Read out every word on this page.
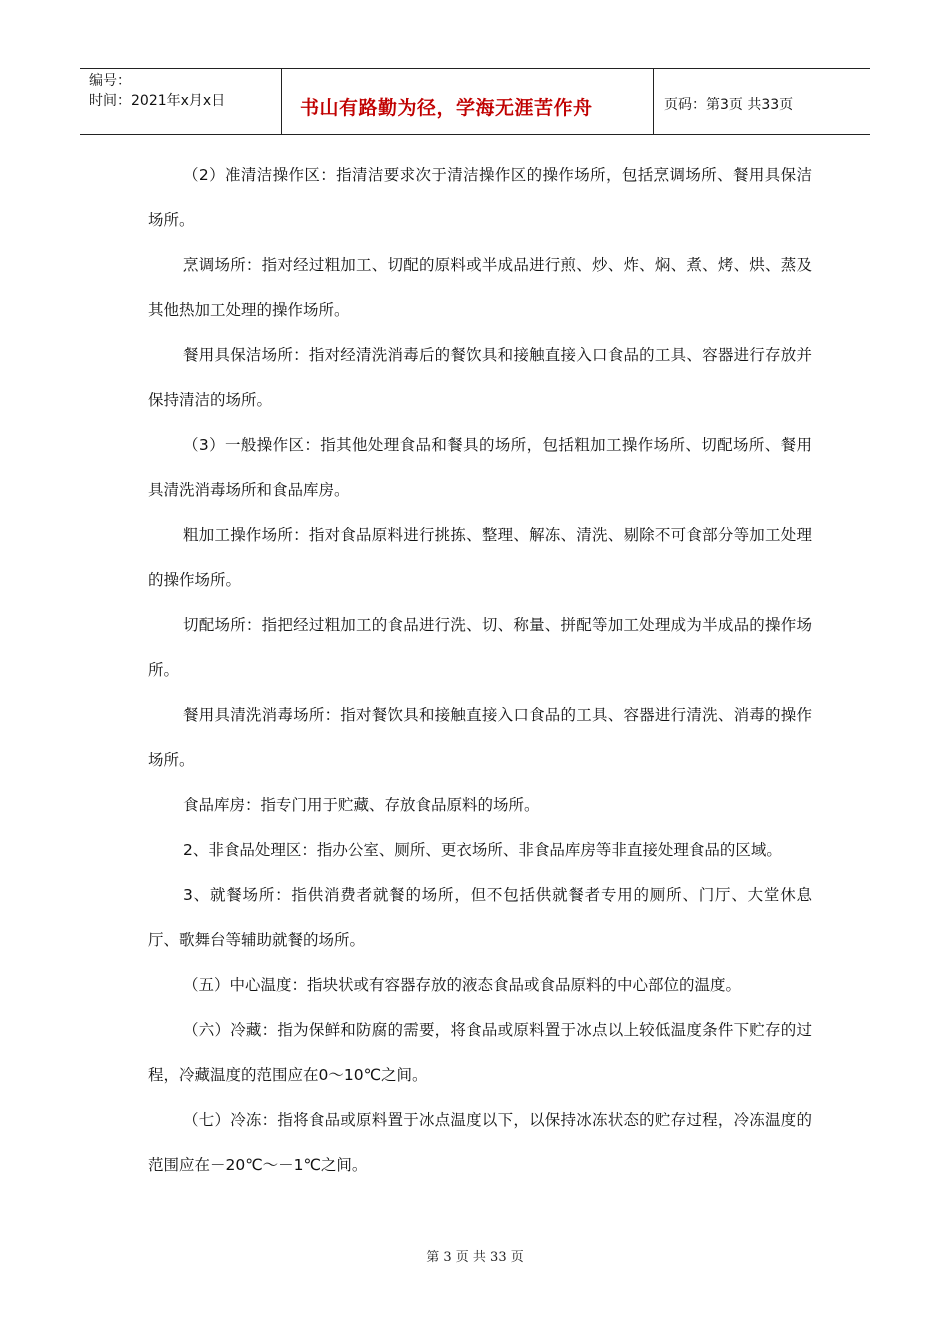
编号：
时间：2021年x月x日	书山有路勤为径，学海无涯苦作舟	页码：第3页 共33页

（2）准清洁操作区：指清洁要求次于清洁操作区的操作场所，包括烹调场所、餐用具保洁场所。

烹调场所：指对经过粗加工、切配的原料或半成品进行煎、炒、炸、焖、煮、烤、烘、蒸及其他热加工处理的操作场所。

餐用具保洁场所：指对经清洗消毒后的餐饮具和接触直接入口食品的工具、容器进行存放并保持清洁的场所。

（3）一般操作区：指其他处理食品和餐具的场所，包括粗加工操作场所、切配场所、餐用具清洗消毒场所和食品库房。

粗加工操作场所：指对食品原料进行挑拣、整理、解冻、清洗、剔除不可食部分等加工处理的操作场所。

切配场所：指把经过粗加工的食品进行洗、切、称量、拼配等加工处理成为半成品的操作场所。

餐用具清洗消毒场所：指对餐饮具和接触直接入口食品的工具、容器进行清洗、消毒的操作场所。

食品库房：指专门用于贮藏、存放食品原料的场所。

2、非食品处理区：指办公室、厕所、更衣场所、非食品库房等非直接处理食品的区域。

3、就餐场所：指供消费者就餐的场所，但不包括供就餐者专用的厕所、门厅、大堂休息厅、歌舞台等辅助就餐的场所。

（五）中心温度：指块状或有容器存放的液态食品或食品原料的中心部位的温度。

（六）冷藏：指为保鲜和防腐的需要，将食品或原料置于冰点以上较低温度条件下贮存的过程，冷藏温度的范围应在0～10℃之间。

（七）冷冻：指将食品或原料置于冰点温度以下，以保持冰冻状态的贮存过程，冷冻温度的范围应在－20℃～－1℃之间。

第 3 页 共 33 页
